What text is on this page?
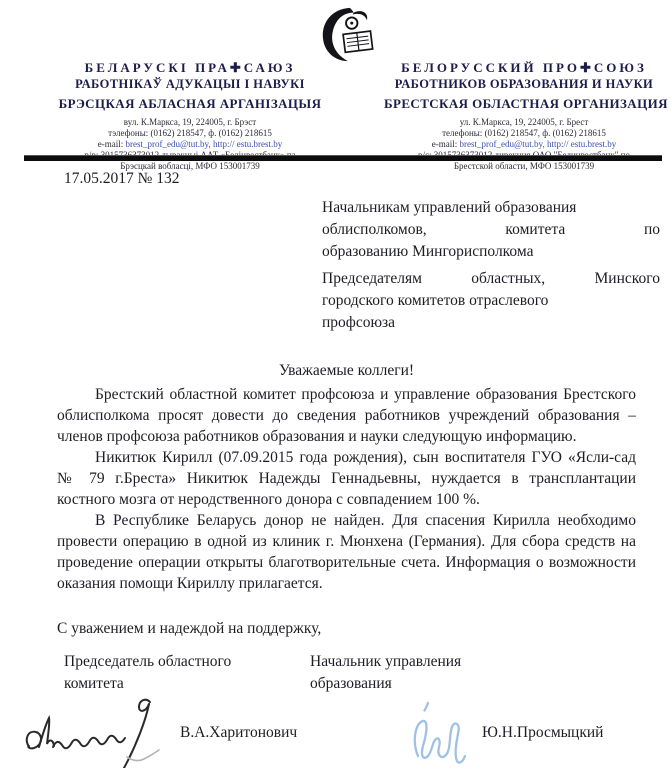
БЕЛАРУСКІ ПРА✚САЮЗ
РАБОТНІКАЎ АДУКАЦЫІ І НАВУКІ
БРЭСЦКАЯ АБЛАСНАЯ АРГАНІЗАЦЫЯ
вул. К.Маркса, 19, 224005, г. Брэст
тэлефоны: (0162) 218547, ф. (0162) 218615
e-mail: brest_prof_edu@tut.by, http:// estu.brest.by
Брэсцкай вобласці, МФО 153001739
БЕЛОРУССКИЙ ПРО✚СОЮЗ
РАБОТНИКОВ ОБРАЗОВАНИЯ И НАУКИ
БРЕСТСКАЯ ОБЛАСТНАЯ ОРГАНИЗАЦИЯ
ул. К.Маркса, 19, 224005, г. Брест
телефоны: (0162) 218547, ф. (0162) 218615
e-mail: brest_prof_edu@tut.by, http:// estu.brest.by
Брестской области, МФО 153001739
17.05.2017 № 132
Начальникам управлений образования
облисполкомов, комитета по
образованию Мингорисполкома
Председателям областных, Минского
городского комитетов отраслевого
профсоюза
Уважаемые коллеги!

Брестский областной комитет профсоюза и управление образования Брестского облисполкома просят довести до сведения работников учреждений образования – членов профсоюза работников образования и науки следующую информацию.

Никитюк Кирилл (07.09.2015 года рождения), сын воспитателя ГУО «Ясли-сад № 79 г.Бреста» Никитюк Надежды Геннадьевны, нуждается в трансплантации костного мозга от неродственного донора с совпадением 100 %.

В Республике Беларусь донор не найден. Для спасения Кирилла необходимо провести операцию в одной из клиник г. Мюнхена (Германия). Для сбора средств на проведение операции открыты благотворительные счета. Информация о возможности оказания помощи Кириллу прилагается.

С уважением и надеждой на поддержку,
Председатель областного
комитета
Начальник управления
образования
В.А.Харитонович	Ю.Н.Просмыцкий
